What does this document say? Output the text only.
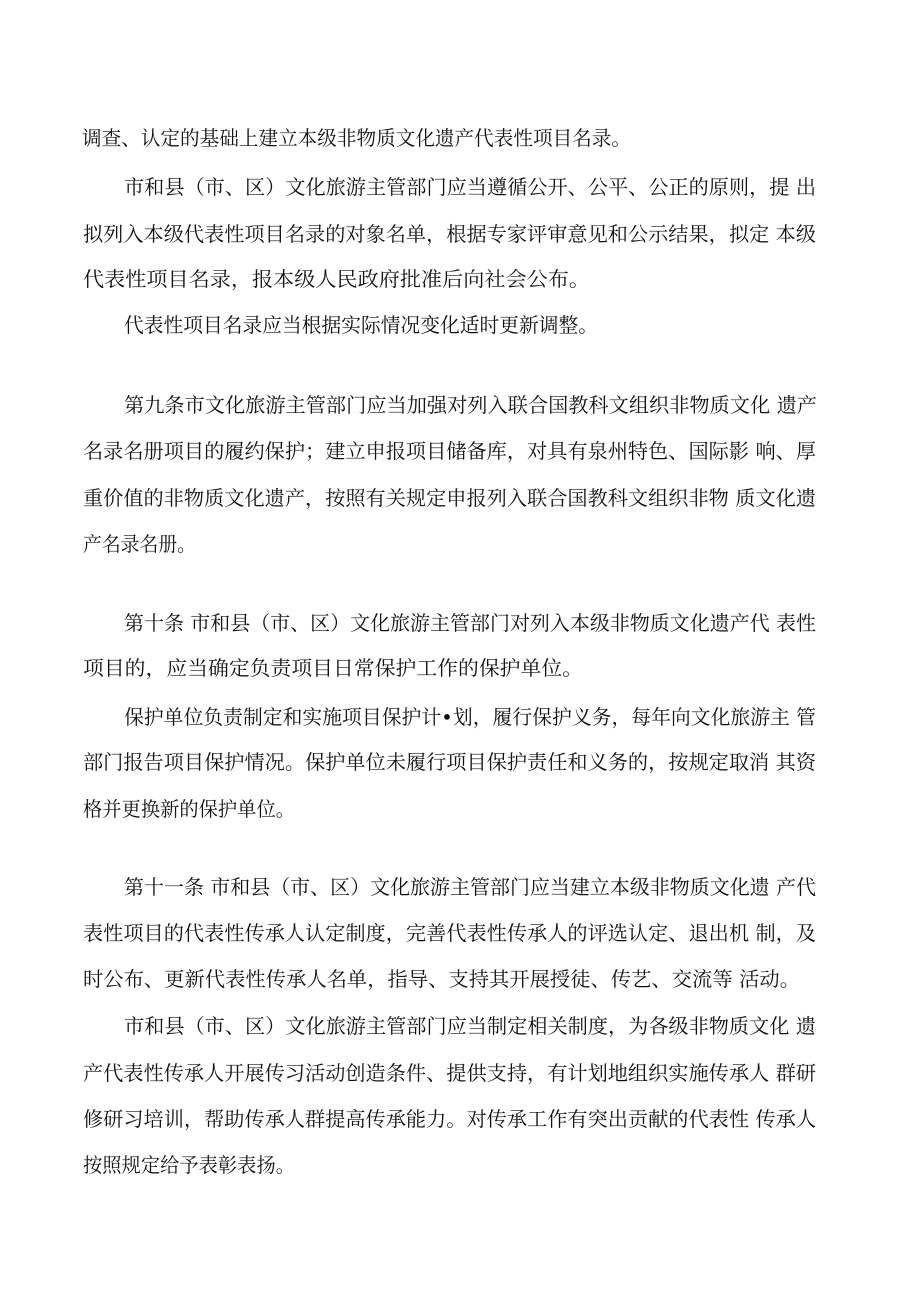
调查、认定的基础上建立本级非物质文化遗产代表性项目名录。
市和县（市、区）文化旅游主管部门应当遵循公开、公平、公正的原则，提 出
拟列入本级代表性项目名录的对象名单，根据专家评审意见和公示结果，拟定 本级
代表性项目名录，报本级人民政府批准后向社会公布。
代表性项目名录应当根据实际情况变化适时更新调整。
第九条市文化旅游主管部门应当加强对列入联合国教科文组织非物质文化 遗产
名录名册项目的履约保护；建立申报项目储备库，对具有泉州特色、国际影 响、厚
重价值的非物质文化遗产，按照有关规定申报列入联合国教科文组织非物 质文化遗
产名录名册。
第十条 市和县（市、区）文化旅游主管部门对列入本级非物质文化遗产代 表性
项目的，应当确定负责项目日常保护工作的保护单位。
保护单位负责制定和实施项目保护计•划，履行保护义务，每年向文化旅游主 管
部门报告项目保护情况。保护单位未履行项目保护责任和义务的，按规定取消 其资
格并更换新的保护单位。
第十一条 市和县（市、区）文化旅游主管部门应当建立本级非物质文化遗 产代
表性项目的代表性传承人认定制度，完善代表性传承人的评选认定、退出机 制，及
时公布、更新代表性传承人名单，指导、支持其开展授徒、传艺、交流等 活动。
市和县（市、区）文化旅游主管部门应当制定相关制度，为各级非物质文化 遗
产代表性传承人开展传习活动创造条件、提供支持，有计划地组织实施传承人 群研
修研习培训，帮助传承人群提高传承能力。对传承工作有突出贡献的代表性 传承人
按照规定给予表彰表扬。
